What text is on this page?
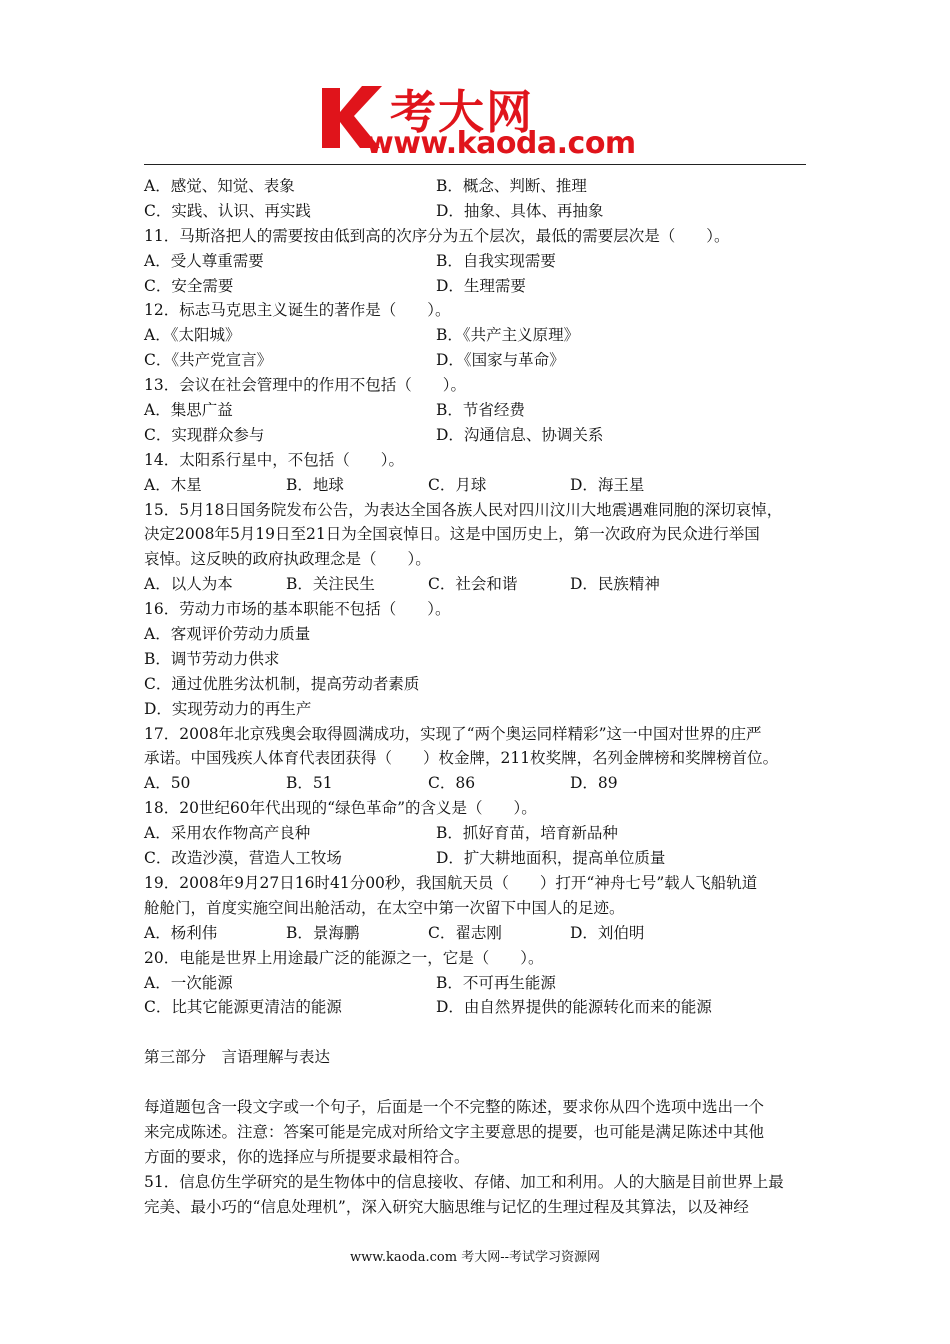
考大网
www.kaoda.com
A．感觉、知觉、表象	B．概念、判断、推理
C．实践、认识、再实践	D．抽象、具体、再抽象
11．马斯洛把人的需要按由低到高的次序分为五个层次，最低的需要层次是（　　）。
A．受人尊重需要	B．自我实现需要
C．安全需要	D．生理需要
12．标志马克思主义诞生的著作是（　　）。
A．《太阳城》	B．《共产主义原理》
C．《共产党宣言》	D．《国家与革命》
13．会议在社会管理中的作用不包括（　　）。
A．集思广益	B．节省经费
C．实现群众参与	D．沟通信息、协调关系
14．太阳系行星中，不包括（　　）。
A．木星	B．地球	C．月球	D．海王星
15．5月18日国务院发布公告，为表达全国各族人民对四川汶川大地震遇难同胞的深切哀悼，
决定2008年5月19日至21日为全国哀悼日。这是中国历史上，第一次政府为民众进行举国
哀悼。这反映的政府执政理念是（　　）。
A．以人为本	B．关注民生	C．社会和谐	D．民族精神
16．劳动力市场的基本职能不包括（　　）。
A．客观评价劳动力质量
B．调节劳动力供求
C．通过优胜劣汰机制，提高劳动者素质
D．实现劳动力的再生产
17．2008年北京残奥会取得圆满成功，实现了“两个奥运同样精彩”这一中国对世界的庄严
承诺。中国残疾人体育代表团获得（　　）枚金牌，211枚奖牌，名列金牌榜和奖牌榜首位。
A．50	B．51	C．86	D．89
18．20世纪60年代出现的“绿色革命”的含义是（　　）。
A．采用农作物高产良种	B．抓好育苗，培育新品种
C．改造沙漠，营造人工牧场	D．扩大耕地面积，提高单位质量
19．2008年9月27日16时41分00秒，我国航天员（　　）打开“神舟七号”载人飞船轨道
舱舱门，首度实施空间出舱活动，在太空中第一次留下中国人的足迹。
A．杨利伟	B．景海鹏	C．翟志刚	D．刘伯明
20．电能是世界上用途最广泛的能源之一，它是（　　）。
A．一次能源	B．不可再生能源
C．比其它能源更清洁的能源	D．由自然界提供的能源转化而来的能源
第三部分　言语理解与表达
每道题包含一段文字或一个句子，后面是一个不完整的陈述，要求你从四个选项中选出一个
来完成陈述。注意：答案可能是完成对所给文字主要意思的提要，也可能是满足陈述中其他
方面的要求，你的选择应与所提要求最相符合。
51．信息仿生学研究的是生物体中的信息接收、存储、加工和利用。人的大脑是目前世界上最
完美、最小巧的“信息处理机”，深入研究大脑思维与记忆的生理过程及其算法，以及神经
www.kaoda.com 考大网--考试学习资源网
